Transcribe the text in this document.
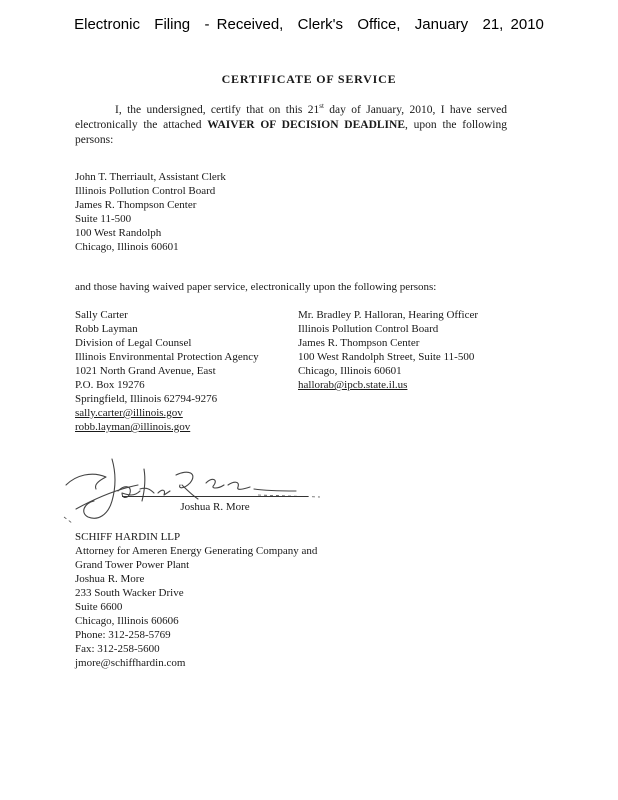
Electronic  Filing  - Received,  Clerk's  Office,  January  21, 2010
CERTIFICATE OF SERVICE

I, the undersigned, certify that on this 21st day of January, 2010, I have served electronically the attached WAIVER OF DECISION DEADLINE, upon the following persons:

John T. Therriault, Assistant Clerk
Illinois Pollution Control Board
James R. Thompson Center
Suite 11-500
100 West Randolph
Chicago, Illinois 60601

and those having waived paper service, electronically upon the following persons:

Sally Carter
Robb Layman
Division of Legal Counsel
Illinois Environmental Protection Agency
1021 North Grand Avenue, East
P.O. Box 19276
Springfield, Illinois 62794-9276
sally.carter@illinois.gov
robb.layman@illinois.gov
Mr. Bradley P. Halloran, Hearing Officer
Illinois Pollution Control Board
James R. Thompson Center
100 West Randolph Street, Suite 11-500
Chicago, Illinois 60601
hallorab@ipcb.state.il.us
Joshua R. More
SCHIFF HARDIN LLP
Attorney for Ameren Energy Generating Company and
Grand Tower Power Plant
Joshua R. More
233 South Wacker Drive
Suite 6600
Chicago, Illinois 60606
Phone: 312-258-5769
Fax: 312-258-5600
jmore@schiffhardin.com
